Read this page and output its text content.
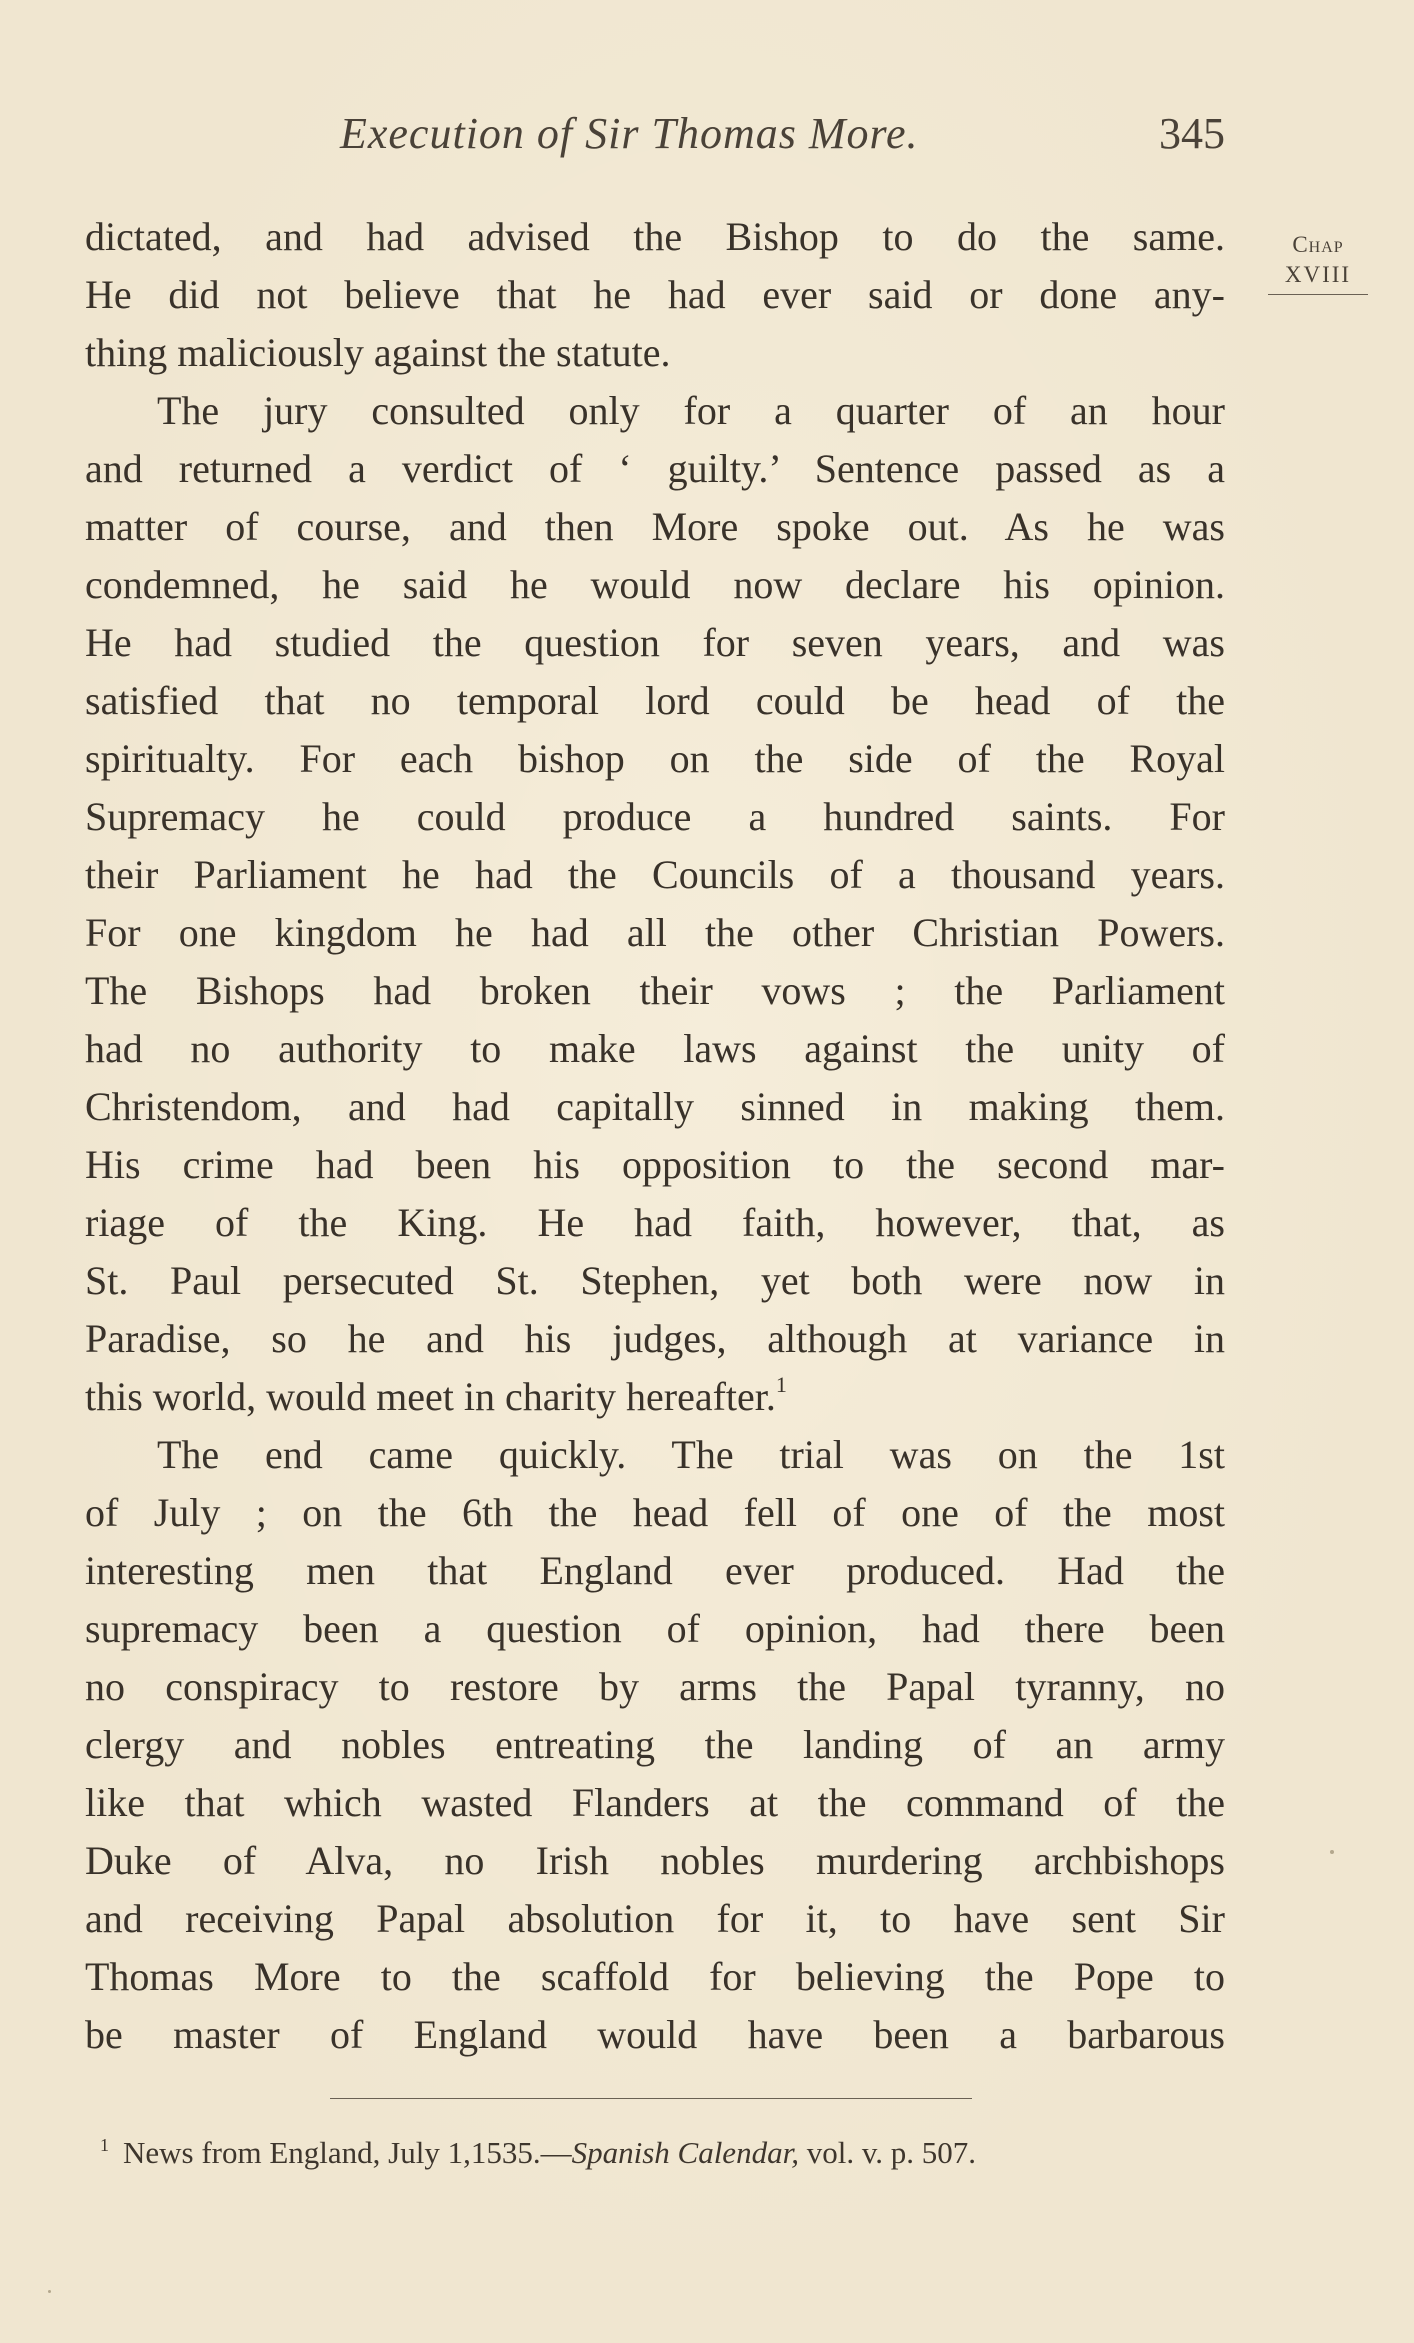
Execution of Sir Thomas More.	345
Chap
XVIII
dictated, and had advised the Bishop to do the same.
He did not believe that he had ever said or done any-
thing maliciously against the statute.
The jury consulted only for a quarter of an hour
and returned a verdict of ‘ guilty.’ Sentence passed as a
matter of course, and then More spoke out. As he was
condemned, he said he would now declare his opinion.
He had studied the question for seven years, and was
satisfied that no temporal lord could be head of the
spiritualty. For each bishop on the side of the Royal
Supremacy he could produce a hundred saints. For
their Parliament he had the Councils of a thousand years.
For one kingdom he had all the other Christian Powers.
The Bishops had broken their vows ; the Parliament
had no authority to make laws against the unity of
Christendom, and had capitally sinned in making them.
His crime had been his opposition to the second mar-
riage of the King. He had faith, however, that, as
St. Paul persecuted St. Stephen, yet both were now in
Paradise, so he and his judges, although at variance in
this world, would meet in charity hereafter.$^1$
The end came quickly. The trial was on the 1st
of July ; on the 6th the head fell of one of the most
interesting men that England ever produced. Had the
supremacy been a question of opinion, had there been
no conspiracy to restore by arms the Papal tyranny, no
clergy and nobles entreating the landing of an army
like that which wasted Flanders at the command of the
Duke of Alva, no Irish nobles murdering archbishops
and receiving Papal absolution for it, to have sent Sir
Thomas More to the scaffold for believing the Pope to
be master of England would have been a barbarous
$^1$ News from England, July 1,1535.—Spanish Calendar, vol. v. p. 507.
